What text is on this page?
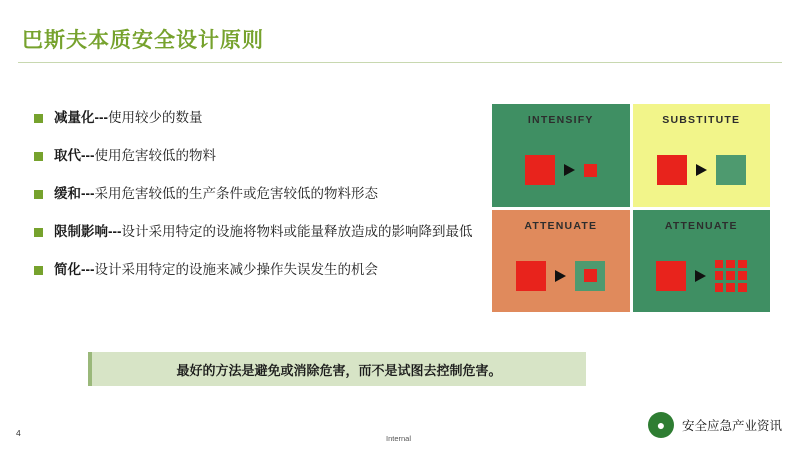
巴斯夫本质安全设计原则
减量化---使用较少的数量
取代---使用危害较低的物料
缓和---采用危害较低的生产条件或危害较低的物料形态
限制影响---设计采用特定的设施将物料或能量释放造成的影响降到最低
简化---设计采用特定的设施来减少操作失误发生的机会
INTENSIFY	SUBSTITUTE
ATTENUATE	ATTENUATE
最好的方法是避免或消除危害，而不是试图去控制危害。
4
Internal
●	安全应急产业资讯
